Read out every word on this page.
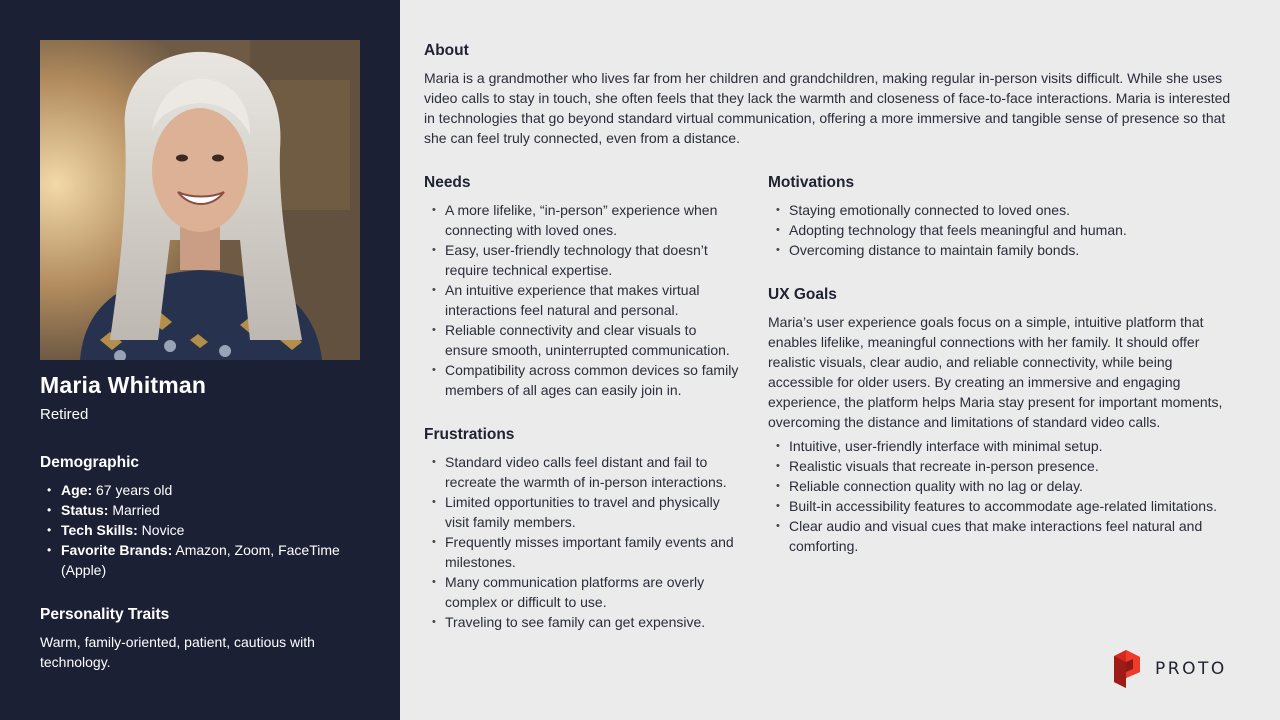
Maria Whitman
Retired
Demographic
• Age: 67 years old
• Status: Married
• Tech Skills: Novice
• Favorite Brands: Amazon, Zoom, FaceTime (Apple)
Personality Traits
Warm, family-oriented, patient, cautious with technology.
About

Maria is a grandmother who lives far from her children and grandchildren, making regular in-person visits difficult. While she uses video calls to stay in touch, she often feels that they lack the warmth and closeness of face-to-face interactions. Maria is interested in technologies that go beyond standard virtual communication, offering a more immersive and tangible sense of presence so that she can feel truly connected, even from a distance.

Needs
• A more lifelike, “in-person” experience when connecting with loved ones.
• Easy, user-friendly technology that doesn’t require technical expertise.
• An intuitive experience that makes virtual interactions feel natural and personal.
• Reliable connectivity and clear visuals to ensure smooth, uninterrupted communication.
• Compatibility across common devices so family members of all ages can easily join in.
Frustrations
• Standard video calls feel distant and fail to recreate the warmth of in-person interactions.
• Limited opportunities to travel and physically visit family members.
• Frequently misses important family events and milestones.
• Many communication platforms are overly complex or difficult to use.
• Traveling to see family can get expensive.
Motivations
• Staying emotionally connected to loved ones.
• Adopting technology that feels meaningful and human.
• Overcoming distance to maintain family bonds.
UX Goals

Maria’s user experience goals focus on a simple, intuitive platform that enables lifelike, meaningful connections with her family. It should offer realistic visuals, clear audio, and reliable connectivity, while being accessible for older users. By creating an immersive and engaging experience, the platform helps Maria stay present for important moments, overcoming the distance and limitations of standard video calls.

• Intuitive, user-friendly interface with minimal setup.
• Realistic visuals that recreate in-person presence.
• Reliable connection quality with no lag or delay.
• Built-in accessibility features to accommodate age-related limitations.
• Clear audio and visual cues that make interactions feel natural and comforting.
PROTO
